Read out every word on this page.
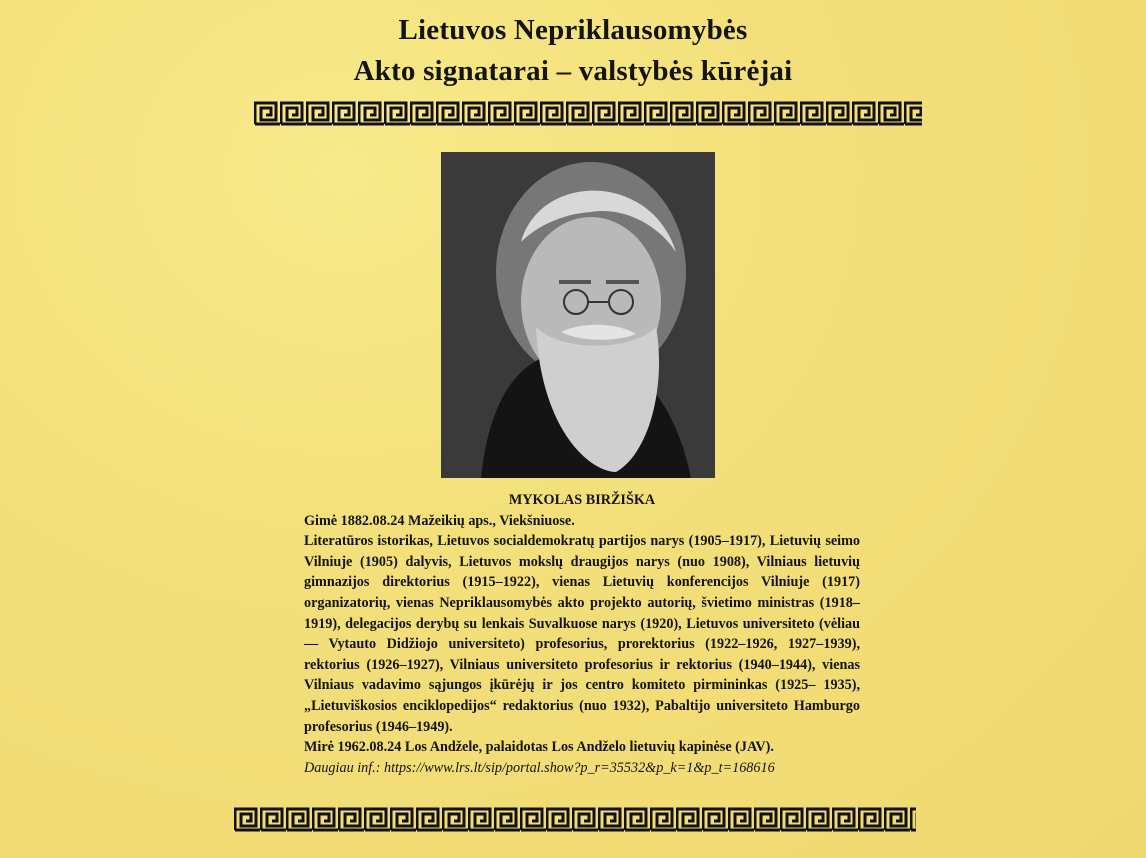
Lietuvos Nepriklausomybės
Akto signatarai – valstybės kūrėjai

MYKOLAS BIRŽIŠKA

Gimė 1882.08.24 Mažeikių aps., Viekšniuose.

Literatūros istorikas, Lietuvos socialdemokratų partijos narys (1905–1917), Lietuvių seimo Vilniuje (1905) dalyvis, Lietuvos mokslų draugijos narys (nuo 1908), Vilniaus lietuvių gimnazijos direktorius (1915–1922), vienas Lietuvių konferencijos Vilniuje (1917) organizatorių, vienas Nepriklausomybės akto projekto autorių, švietimo ministras (1918–1919), delegacijos derybų su lenkais Suvalkuose narys (1920), Lietuvos universiteto (vėliau — Vytauto Didžiojo universiteto) profesorius, prorektorius (1922–1926, 1927–1939), rektorius (1926–1927), Vilniaus universiteto profesorius ir rektorius (1940–1944), vienas Vilniaus vadavimo sąjungos įkūrėjų ir jos centro komiteto pirmininkas (1925– 1935), „Lietuviškosios enciklopedijos“ redaktorius (nuo 1932), Pabaltijo universiteto Hamburgo profesorius (1946–1949).

Mirė 1962.08.24 Los Andžele, palaidotas Los Andželo lietuvių kapinėse (JAV).

Daugiau inf.: https://www.lrs.lt/sip/portal.show?p_r=35532&p_k=1&p_t=168616
